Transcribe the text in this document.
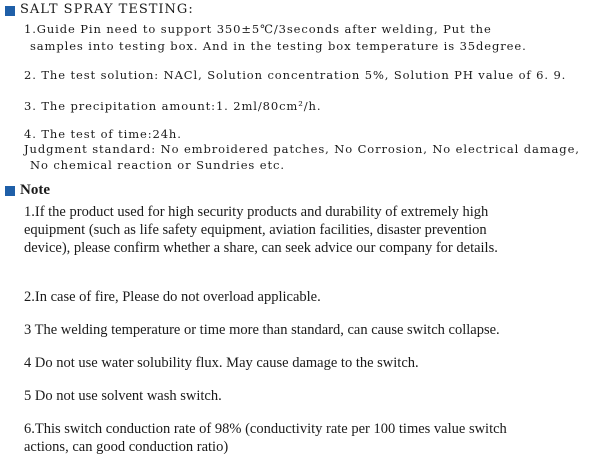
SALT SPRAY TESTING:
1.Guide Pin need to support 350±5℃/3seconds after welding, Put the
samples into testing box. And in the testing box temperature is 35degree.
2. The test solution: NACl, Solution concentration 5%, Solution PH value of 6. 9.
3. The precipitation amount:1. 2ml/80cm²/h.
4. The test of time:24h.
Judgment standard: No embroidered patches, No Corrosion, No electrical damage,
No chemical reaction or Sundries etc.
Note
1.If the product used for high security products and durability of extremely high
equipment (such as life safety equipment, aviation facilities, disaster prevention
device), please confirm whether a share, can seek advice our company for details.
2.In case of fire, Please do not overload applicable.
3 The welding temperature or time more than standard, can cause switch collapse.
4 Do not use water solubility flux. May cause damage to the switch.
5 Do not use solvent wash switch.
6.This switch conduction rate of 98% (conductivity rate per 100 times value switch
actions, can good conduction ratio)
